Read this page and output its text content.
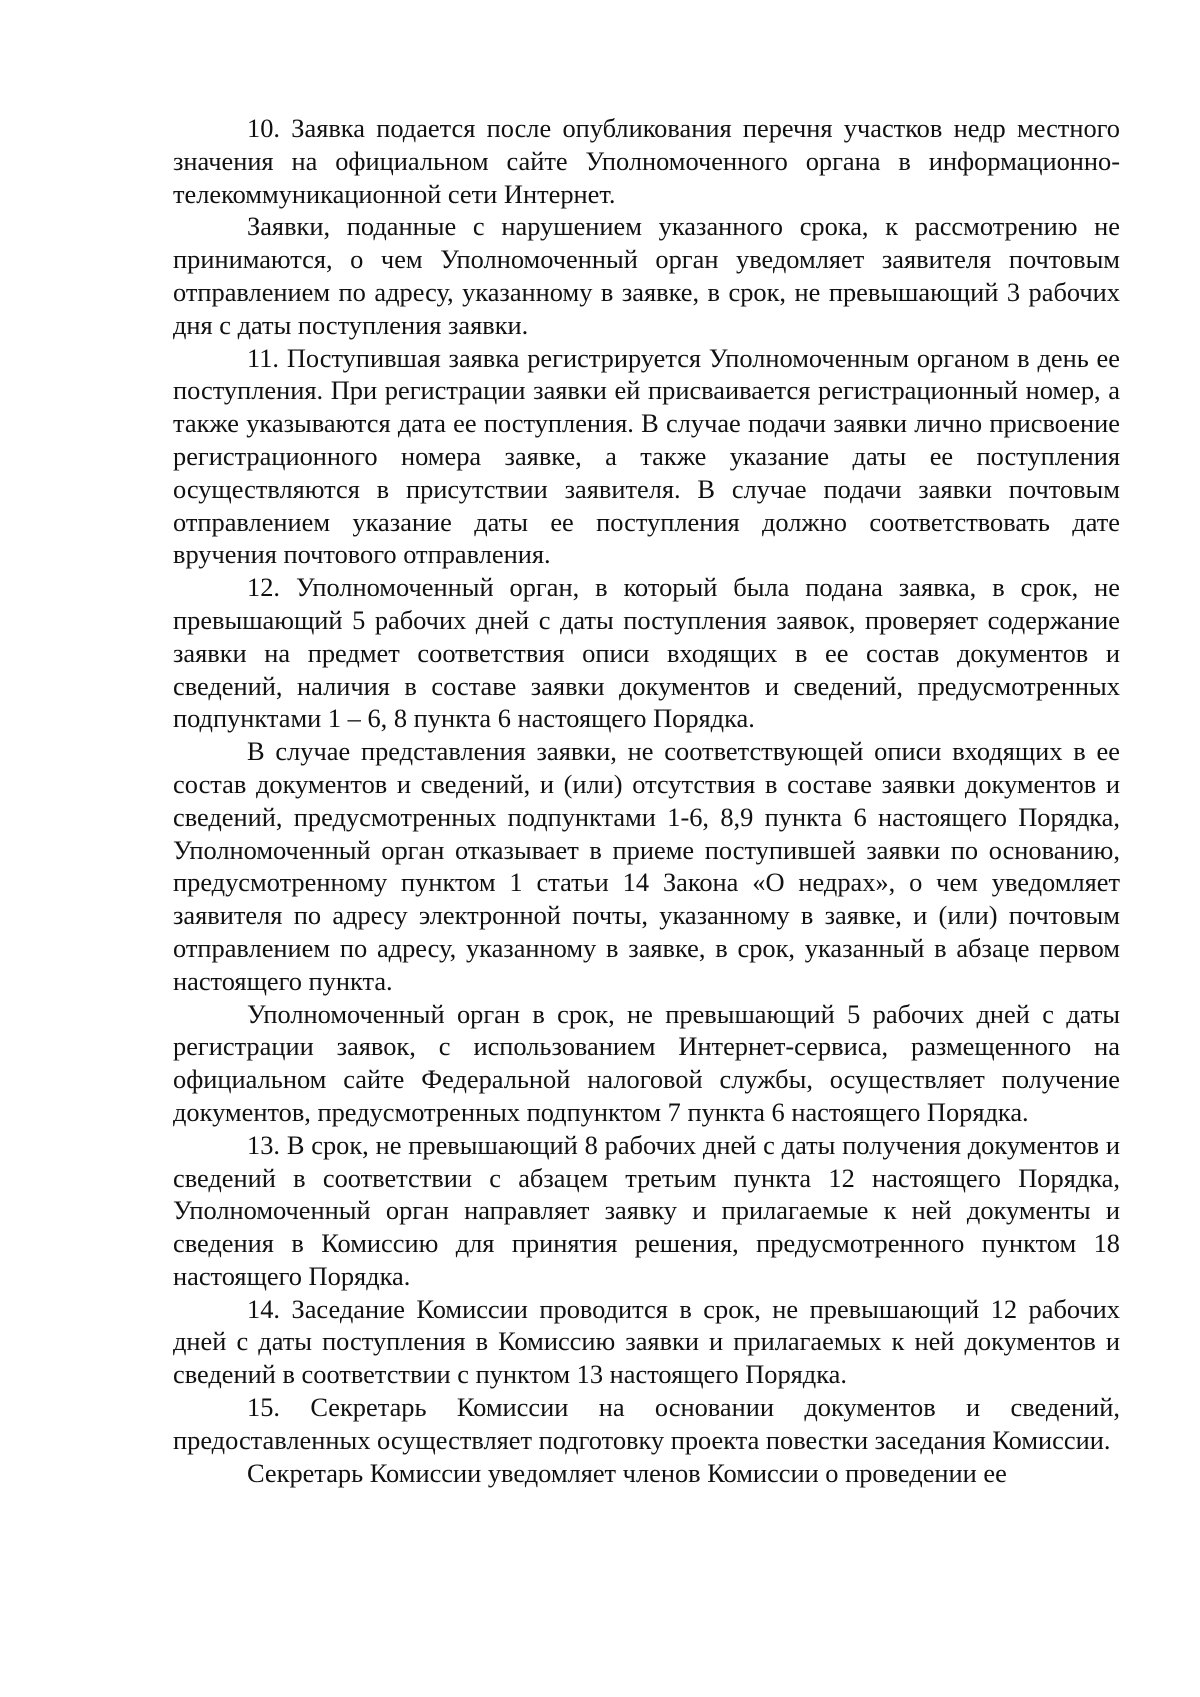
10. Заявка подается после опубликования перечня участков недр местного значения на официальном сайте Уполномоченного органа в информационно-телекоммуникационной сети Интернет.

Заявки, поданные с нарушением указанного срока, к рассмотрению не принимаются, о чем Уполномоченный орган уведомляет заявителя почтовым отправлением по адресу, указанному в заявке, в срок, не превышающий 3 рабочих дня с даты поступления заявки.

11. Поступившая заявка регистрируется Уполномоченным органом в день ее поступления. При регистрации заявки ей присваивается регистрационный номер, а также указываются дата ее поступления. В случае подачи заявки лично присвоение регистрационного номера заявке, а также указание даты ее поступления осуществляются в присутствии заявителя. В случае подачи заявки почтовым отправлением указание даты ее поступления должно соответствовать дате вручения почтового отправления.

12. Уполномоченный орган, в который была подана заявка, в срок, не превышающий 5 рабочих дней с даты поступления заявок, проверяет содержание заявки на предмет соответствия описи входящих в ее состав документов и сведений, наличия в составе заявки документов и сведений, предусмотренных подпунктами 1 – 6, 8 пункта 6 настоящего Порядка.

В случае представления заявки, не соответствующей описи входящих в ее состав документов и сведений, и (или) отсутствия в составе заявки документов и сведений, предусмотренных подпунктами 1-6, 8,9 пункта 6 настоящего Порядка, Уполномоченный орган отказывает в приеме поступившей заявки по основанию, предусмотренному пунктом 1 статьи 14 Закона «О недрах», о чем уведомляет заявителя по адресу электронной почты, указанному в заявке, и (или) почтовым отправлением по адресу, указанному в заявке, в срок, указанный в абзаце первом настоящего пункта.

Уполномоченный орган в срок, не превышающий 5 рабочих дней с даты регистрации заявок, с использованием Интернет-сервиса, размещенного на официальном сайте Федеральной налоговой службы, осуществляет получение документов, предусмотренных подпунктом 7 пункта 6 настоящего Порядка.

13. В срок, не превышающий 8 рабочих дней с даты получения документов и сведений в соответствии с абзацем третьим пункта 12 настоящего Порядка, Уполномоченный орган направляет заявку и прилагаемые к ней документы и сведения в Комиссию для принятия решения, предусмотренного пунктом 18 настоящего Порядка.

14. Заседание Комиссии проводится в срок, не превышающий 12 рабочих дней с даты поступления в Комиссию заявки и прилагаемых к ней документов и сведений в соответствии с пунктом 13 настоящего Порядка.

15. Секретарь Комиссии на основании документов и сведений, предоставленных осуществляет подготовку проекта повестки заседания Комиссии.

Секретарь Комиссии уведомляет членов Комиссии о проведении ее
